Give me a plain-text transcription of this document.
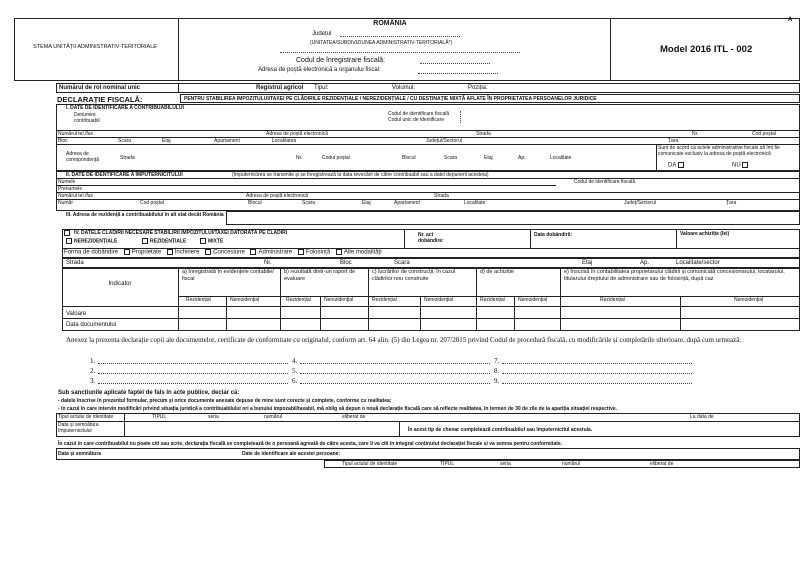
A
STEMA UNITĂȚII ADMINISTRATIV-TERITORIALE
ROMÂNIA
Județul
(UNITATEA/SUBDIVIZIUNEA ADMINISTRATIV-TERITORIALĂ*)
Codul de înregistrare fiscală:
Adresa de poștă electronică a organului fiscal:
Model 2016 ITL - 002
Numărul de rol nominal unic	Registrul agricol Tipul:	Volumul:	Poziția:
DECLARAȚIE FISCALĂ:	PENTRU STABILIREA IMPOZITULUI/TAXEI PE CLĂDIRILE REZIDENȚIALE / NEREZIDENȚIALE / CU DESTINAȚIE MIXTĂ AFLATE ÎN PROPRIETATEA PERSOANELOR JURIDICE
I. DATE DE IDENTIFICARE A CONTRIBUABILULUI
Denumire contribuabil
Codul de identificare fiscală
Codul unic de identificare
Numărul tel./fax	Adresa de poștă electronică	Strada	Nr.	Cod poștal
Bloc	Scara	Etaj	Apartament	Localitatea	Județul/Sectorul	Țara
Adresa de corespondență	Strada	Nr.	Codul poștal	Blocul	Scara	Etaj	Ap.	Localitate
Sunt de acord ca actele administrative fiscale să îmi fie comunicate exclusiv la adresa de poștă electronică
DA	NU
II. DATE DE IDENTIFICARE A ÎMPUTERNICITULUI	(împuternicirea se transmite și se înregistrează la data revocării de către contribuabil sau a datei depunerii acesteia)
Numele	Codul de identificare fiscală
Prenumele
Numărul tel./fax	Adresa de poștă electronică	Strada
Număr	Cod poștal	Blocul	Scara	Etaj	Apartament	Localitate	Județ/Sectorul	Țara
III. Adresa de rezidență a contribuabilului în alt stat decât România
IV. DATELE CLĂDIRII NECESARE STABILIRII IMPOZITULUI/TAXEI DATORATĂ PE CLĂDIRI
NEREZIDENȚIALE	REZIDENȚIALE	MIXTE
Nr. act dobândire:
Data dobândirii:	Valoare achiziție (lei)
Forma de dobândire Proprietate Închiriere Concesiune Administrare Folosință Alte modalități
Strada	Nr.	Bloc	Scara	Etaj	Ap.	Localitate/sector
Indicator
a) înregistrată în evidențele contabile/ fiscal
b) rezultată dintr-un raport de evaluare
c) lucrărilor de construcții, în cazul clădirilor nou construite
d) de achiziție	e) înscrisă în contabilitatea proprietarului clădirii și comunicată concesionarului, locatarului, titularului dreptului de administrare sau de folosință, după caz
Rezidențial	Nerezidențial	Rezidențial	Nerezidențial	Rezidențial	Nerezidențial	Rezidențial	Nerezidențial	Rezidențial	Nerezidențial
Valoare
Data documentului
Anexez la prezenta declarație copii ale documentelor, certificate de conformitate cu originalul, conform art. 64 alin. (5) din Legea nr. 207/2015 privind Codul de procedură fiscală, cu modificările și completările ulterioare, după cum urmează:
1.
2.
3.
4.
5.
6.
7.
8.
9.
Sub sancțiunile aplicate faptei de fals în acte publice, declar că:
- datele înscrise în prezentul formular, precum și orice documente anexate depuse de mine sunt corecte și complete, conforme cu realitatea;
- în cazul în care intervin modificări privind situația juridică a contribuabilului ori a bunului impozabil/taxabil, mă oblig să depun o nouă declarație fiscală care să reflecte realitatea, în termen de 30 de zile de la apariția situației respective.
Tipul actului de identitate	TIPUL	seria	numărul	eliberat de	La data de
Data și semnătura împuternicitului	În acest tip de chenar completează contribuabilul sau împuternicitul acestuia.
În cazul în care contribuabilul nu poate citi sau scrie, declarația fiscală se completează de o persoană agreată de către acesta, care îi va citi în integral conținutul declarației fiscale și va semna pentru conformitate.
Data și semnătura	Date de identificare ale acestei persoane:
Tipul actului de identitate	TIPUL	seria	numărul	eliberat de
